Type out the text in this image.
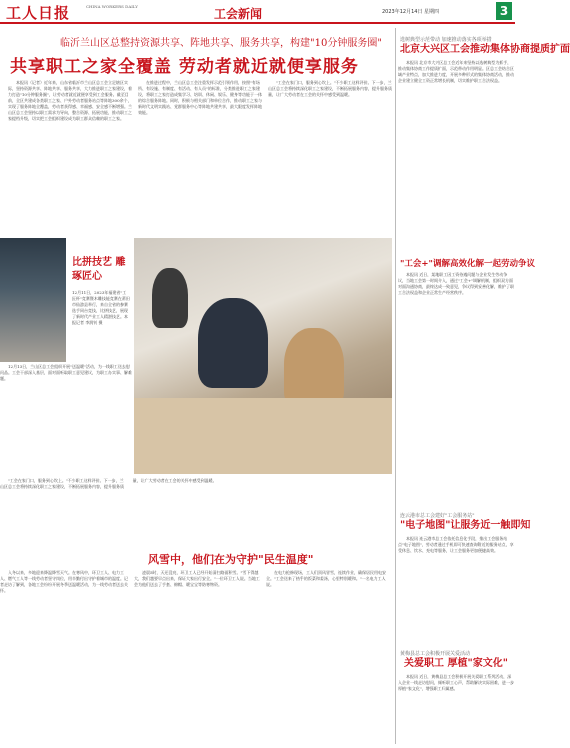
工人日报	CHINA WORKERS DAILY
工会新闻	2023年12月14日 星期四	3
临沂兰山区总整持资源共享、阵地共享、服务共享，构建"10分钟服务圈"
共享职工之家全覆盖 劳动者就近就便享服务

本报讯（记者）近年来，山东省临沂市兰山区总工会立足辖区实际，坚持资源共享、阵地共享、服务共享，大力推进职工之家建设，着力打造"10分钟服务圈"，让劳动者就近就便享受到工会服务。截至目前，全区共建成各类职工之家、户外劳动者服务站点等阵地300余个，实现了服务阵地全覆盖，劳动者获得感、幸福感、安全感不断增强。兰山区总工会坚持以职工需求为导向，整合资源、拓展功能，推动职工之家提档升级，切实把工会组织建设成为职工群众信赖的职工之家。

在推进过程中，兰山区总工会注重发挥示范引领作用，按照"有场所、有设施、有制度、有活动、有人员"的标准，分类推进职工之家建设，将职工之家打造成集学习、培训、休闲、娱乐、健身等功能于一体的综合服务阵地。同时，积极与相关部门和单位合作，推动职工之家与新时代文明实践站、党群服务中心等阵地共建共享，最大限度发挥阵地效能。

"工会在家门口，服务到心坎上。"不少职工这样评价。下一步，兰山区总工会将持续深化职工之家建设，不断拓展服务内容，提升服务质量，让广大劳动者在工会的关怀中感受到温暖。

比拼技艺 雕琢匠心
12月11日，2023年福建省"工匠杯"竞赛暨木雕技能竞赛在莆田市仙游县举行，来自全省的参赛选手同台竞技，比拼技艺，展现了新时代产业工人精湛技艺。本报记者 李润钊 摄

12月13日，兰山区总工会组织开展"送温暖"活动，为一线职工送去慰问品。工会干部深入基层，面对面听取职工意见建议，为职工办实事、解难题。

"工会在家门口，服务到心坎上。"不少职工这样评价。下一步，兰山区总工会将持续深化职工之家建设，不断拓展服务内容，提升服务质量，让广大劳动者在工会的关怀中感受到温暖。

风雪中，他们在为守护"民生温度"

入冬以来，多地迎来降温降雪天气。在寒风中，环卫工人、电力工人、燃气工人等一线劳动者坚守岗位，用辛勤付出守护着城市的温度。记者走访了解到，各地工会纷纷开展冬季送温暖活动，为一线劳动者送去关怀。

凌晨5时，天还没亮，环卫工人已经开始清扫路面积雪。"雪下得越大，我们越要早点出来，保证大家出行安全。"一位环卫工人说。当地工会为他们送去了手套、棉帽、暖宝宝等防寒物资。

在电力抢修现场，工人们顶风冒雪，连续作业，确保居民用电安全。"工会送来了热乎的饭菜和姜汤，心里特别暖和。"一名电力工人说。

选树典型示范带动 加速推动落实各项举措
北京大兴区工会推动集体协商提质扩面

本报讯 北京市大兴区总工会近年来坚持以选树典型为抓手，推动集体协商工作提质扩面，示范带动作用明显。区总工会结合区域产业特点，加大推进力度，开展多种形式的集体协商活动，推动企业建立健全工资正常增长机制，切实维护职工合法权益。

"工会+"调解高效化解一起劳动争议

本报讯 近日，某地职工因工资待遇问题与企业发生劳动争议，当地工会第一时间介入，通过"工会+"调解机制，组织双方面对面沟通协商，最终达成一致意见，争议得到妥善化解，维护了职工合法权益和企业正常生产经营秩序。

连云港市总工会建好"工会服务站"
"电子地图"让服务近一触即知

本报讯 连云港市总工会依托信息化手段，推出工会服务站点"电子地图"，劳动者通过手机即可快速查询附近的服务站点，享受休息、饮水、充电等服务，让工会服务更加便捷高效。

黄梅县总工会积极开展关爱活动
关爱职工 厚植"家文化"

本报讯 近日，黄梅县总工会积极开展关爱职工系列活动，深入企业一线走访慰问，倾听职工心声，帮助解决实际困难，进一步厚植"家文化"，增强职工归属感。
